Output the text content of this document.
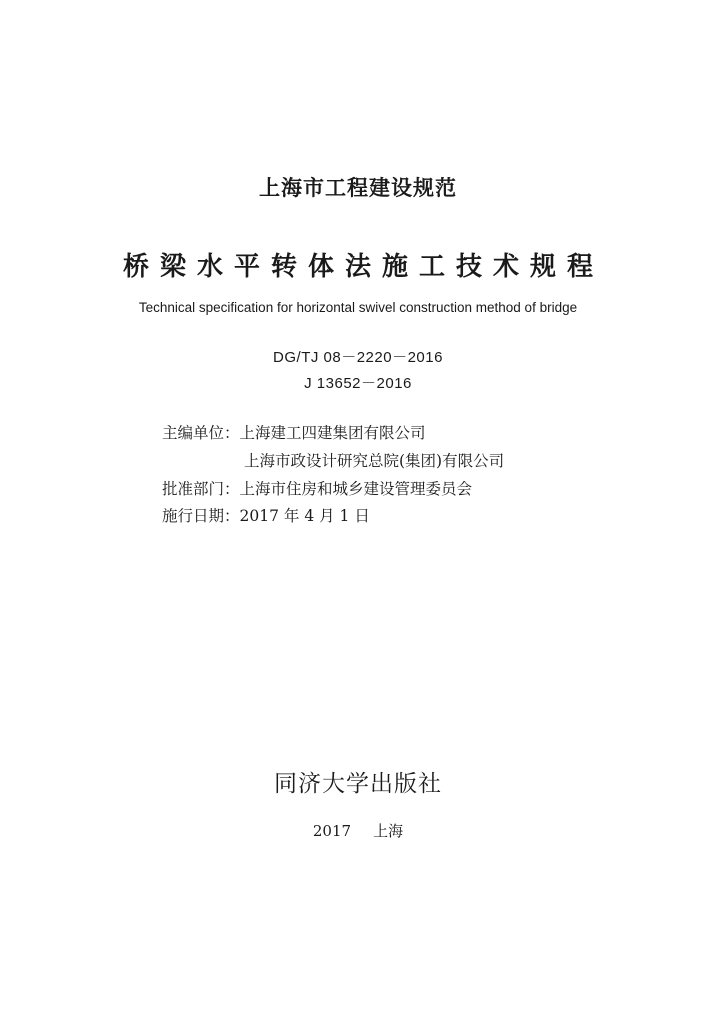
上海市工程建设规范
桥梁水平转体法施工技术规程
Technical specification for horizontal swivel construction method of bridge
DG/TJ 08－2220－2016
J 13652－2016
主编单位：上海建工四建集团有限公司
上海市政设计研究总院(集团)有限公司
批准部门：上海市住房和城乡建设管理委员会
施行日期：2017 年 4 月 1 日
同济大学出版社
2017 上海
